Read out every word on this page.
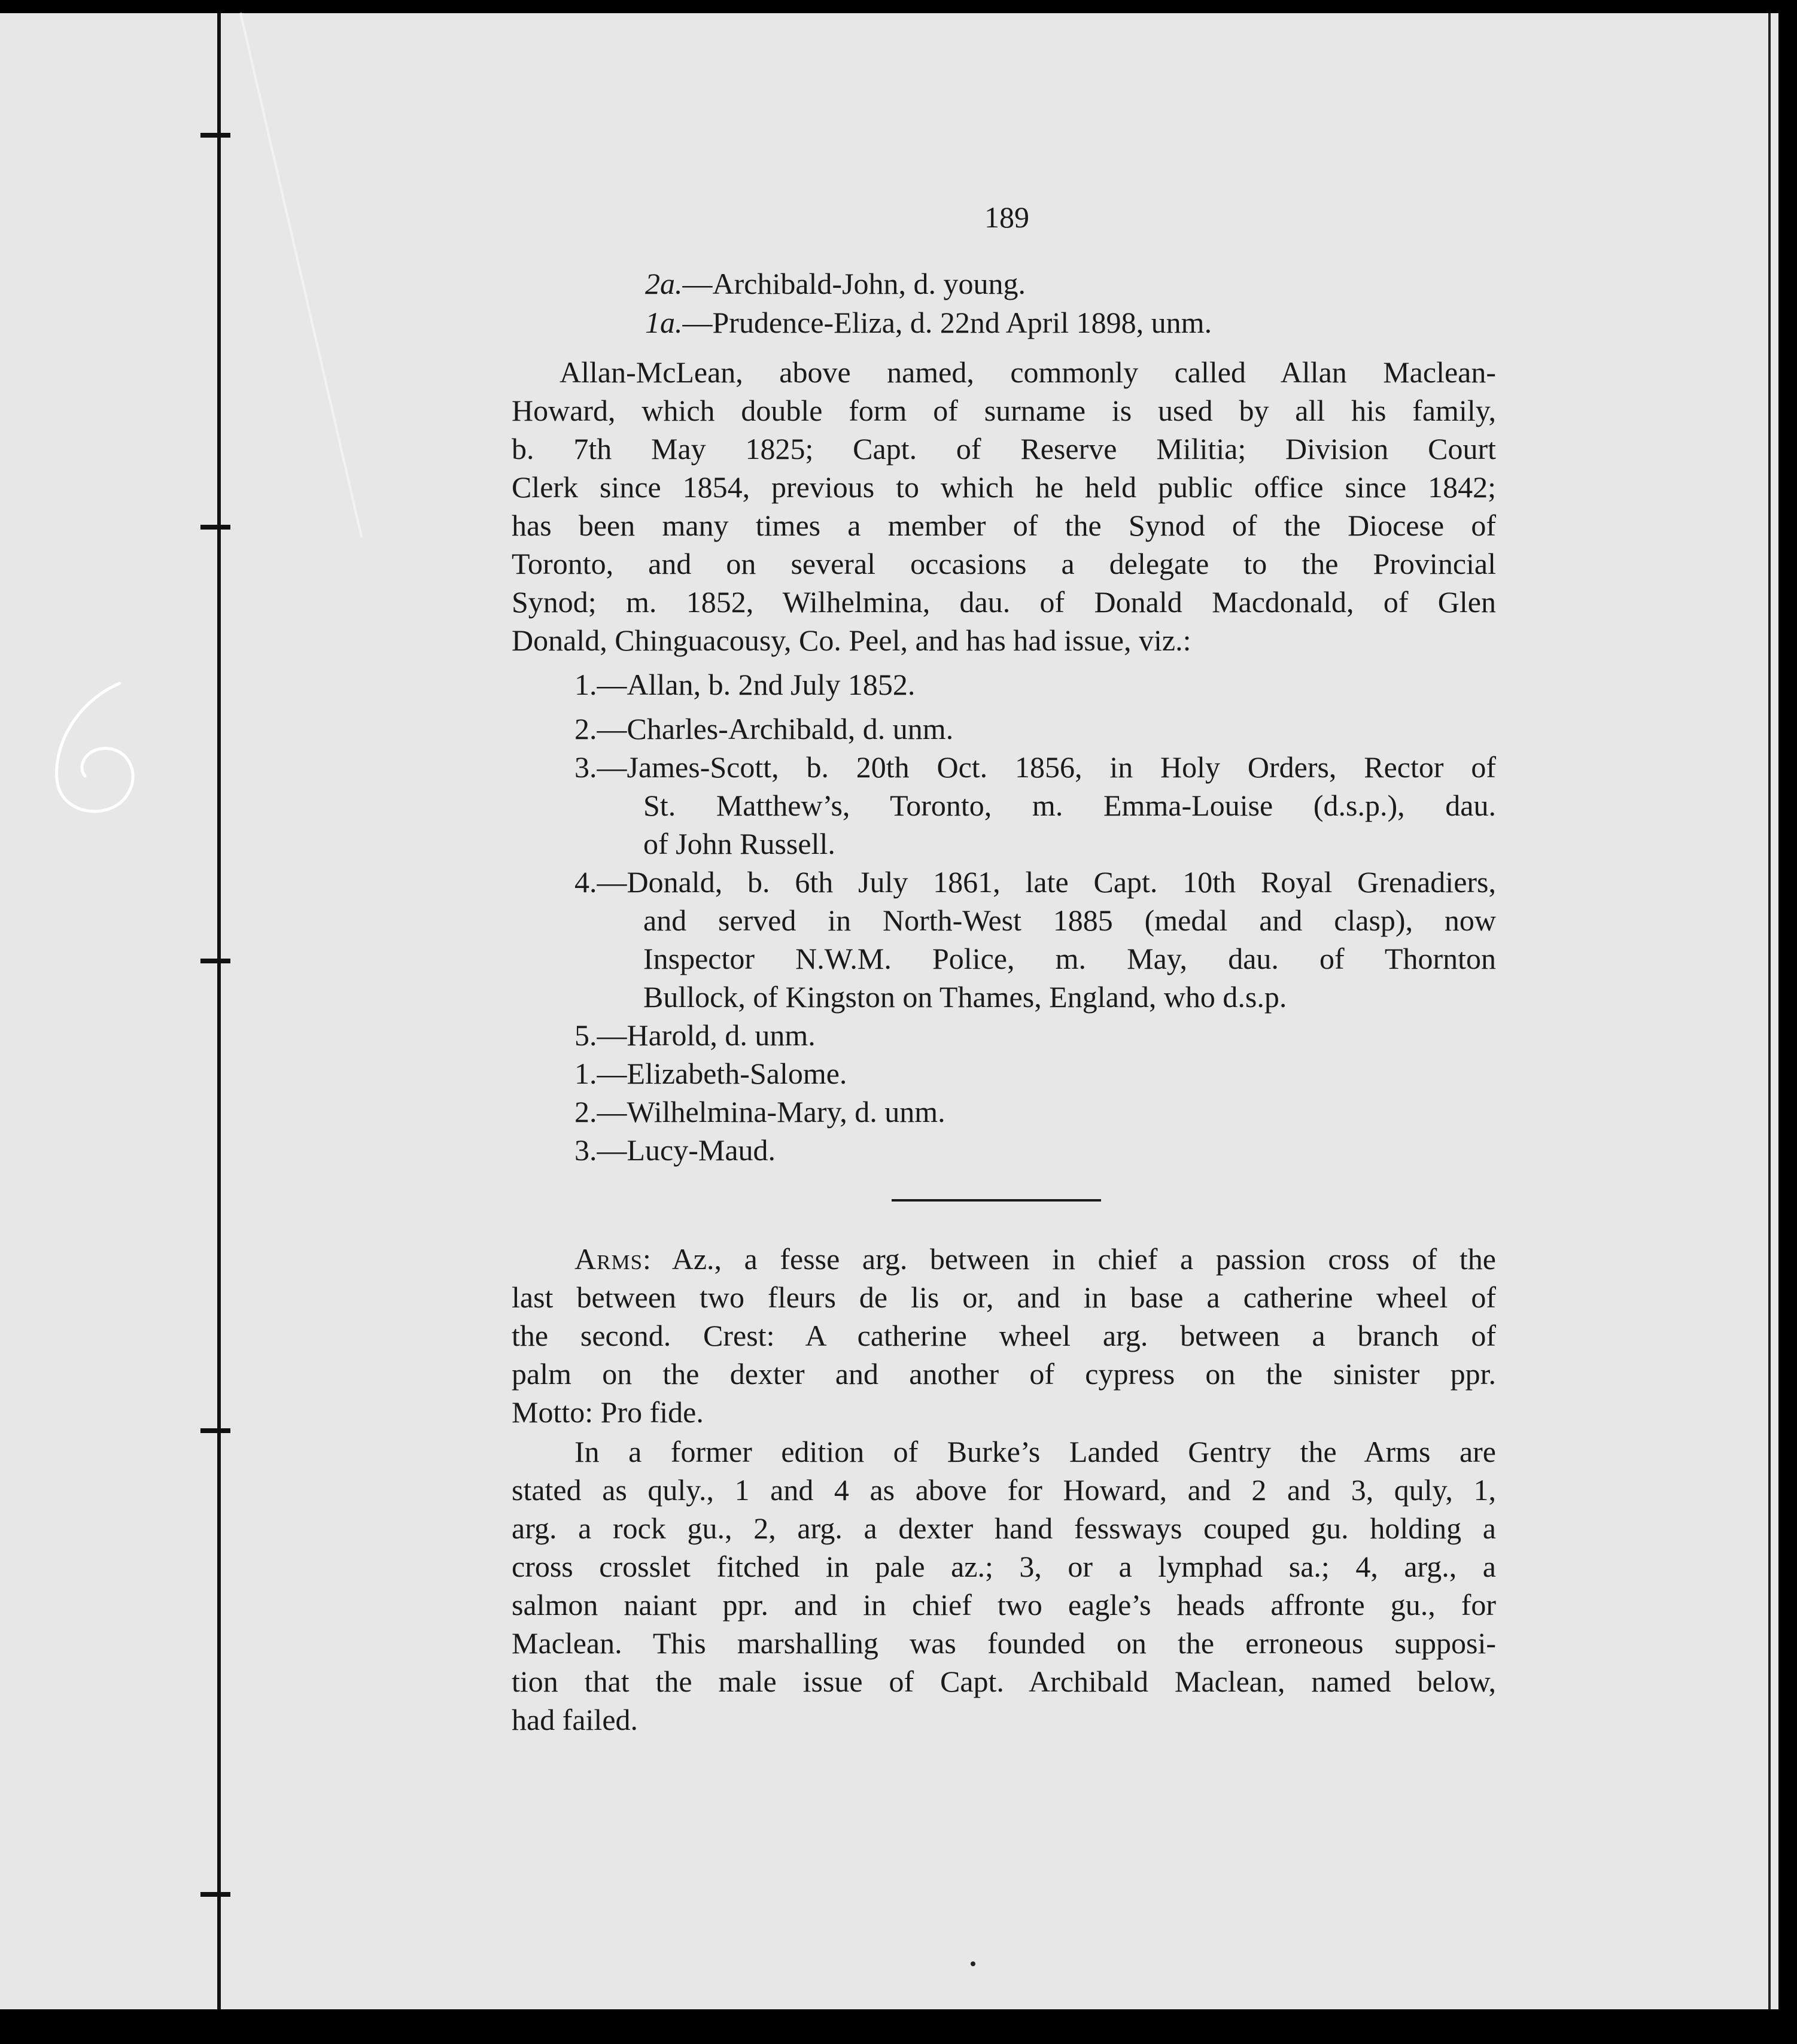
189
2a.—Archibald-John, d. young.
1a.—Prudence-Eliza, d. 22nd April 1898, unm.
Allan-McLean, above named, commonly called Allan Maclean-
Howard, which double form of surname is used by all his family,
b. 7th May 1825; Capt. of Reserve Militia; Division Court
Clerk since 1854, previous to which he held public office since 1842;
has been many times a member of the Synod of the Diocese of
Toronto, and on several occasions a delegate to the Provincial
Synod; m. 1852, Wilhelmina, dau. of Donald Macdonald, of Glen
Donald, Chinguacousy, Co. Peel, and has had issue, viz.:
1.—Allan, b. 2nd July 1852.
2.—Charles-Archibald, d. unm.
3.—James-Scott, b. 20th Oct. 1856, in Holy Orders, Rector of
St. Matthew’s, Toronto, m. Emma-Louise (d.s.p.), dau.
of John Russell.
4.—Donald, b. 6th July 1861, late Capt. 10th Royal Grenadiers,
and served in North-West 1885 (medal and clasp), now
Inspector N.W.M. Police, m. May, dau. of Thornton
Bullock, of Kingston on Thames, England, who d.s.p.
5.—Harold, d. unm.
1.—Elizabeth-Salome.
2.—Wilhelmina-Mary, d. unm.
3.—Lucy-Maud.
Arms: Az., a fesse arg. between in chief a passion cross of the
last between two fleurs de lis or, and in base a catherine wheel of
the second. Crest: A catherine wheel arg. between a branch of
palm on the dexter and another of cypress on the sinister ppr.
Motto: Pro fide.
In a former edition of Burke’s Landed Gentry the Arms are
stated as quly., 1 and 4 as above for Howard, and 2 and 3, quly, 1,
arg. a rock gu., 2, arg. a dexter hand fessways couped gu. holding a
cross crosslet fitched in pale az.; 3, or a lymphad sa.; 4, arg., a
salmon naiant ppr. and in chief two eagle’s heads affronte gu., for
Maclean. This marshalling was founded on the erroneous supposi-
tion that the male issue of Capt. Archibald Maclean, named below,
had failed.
